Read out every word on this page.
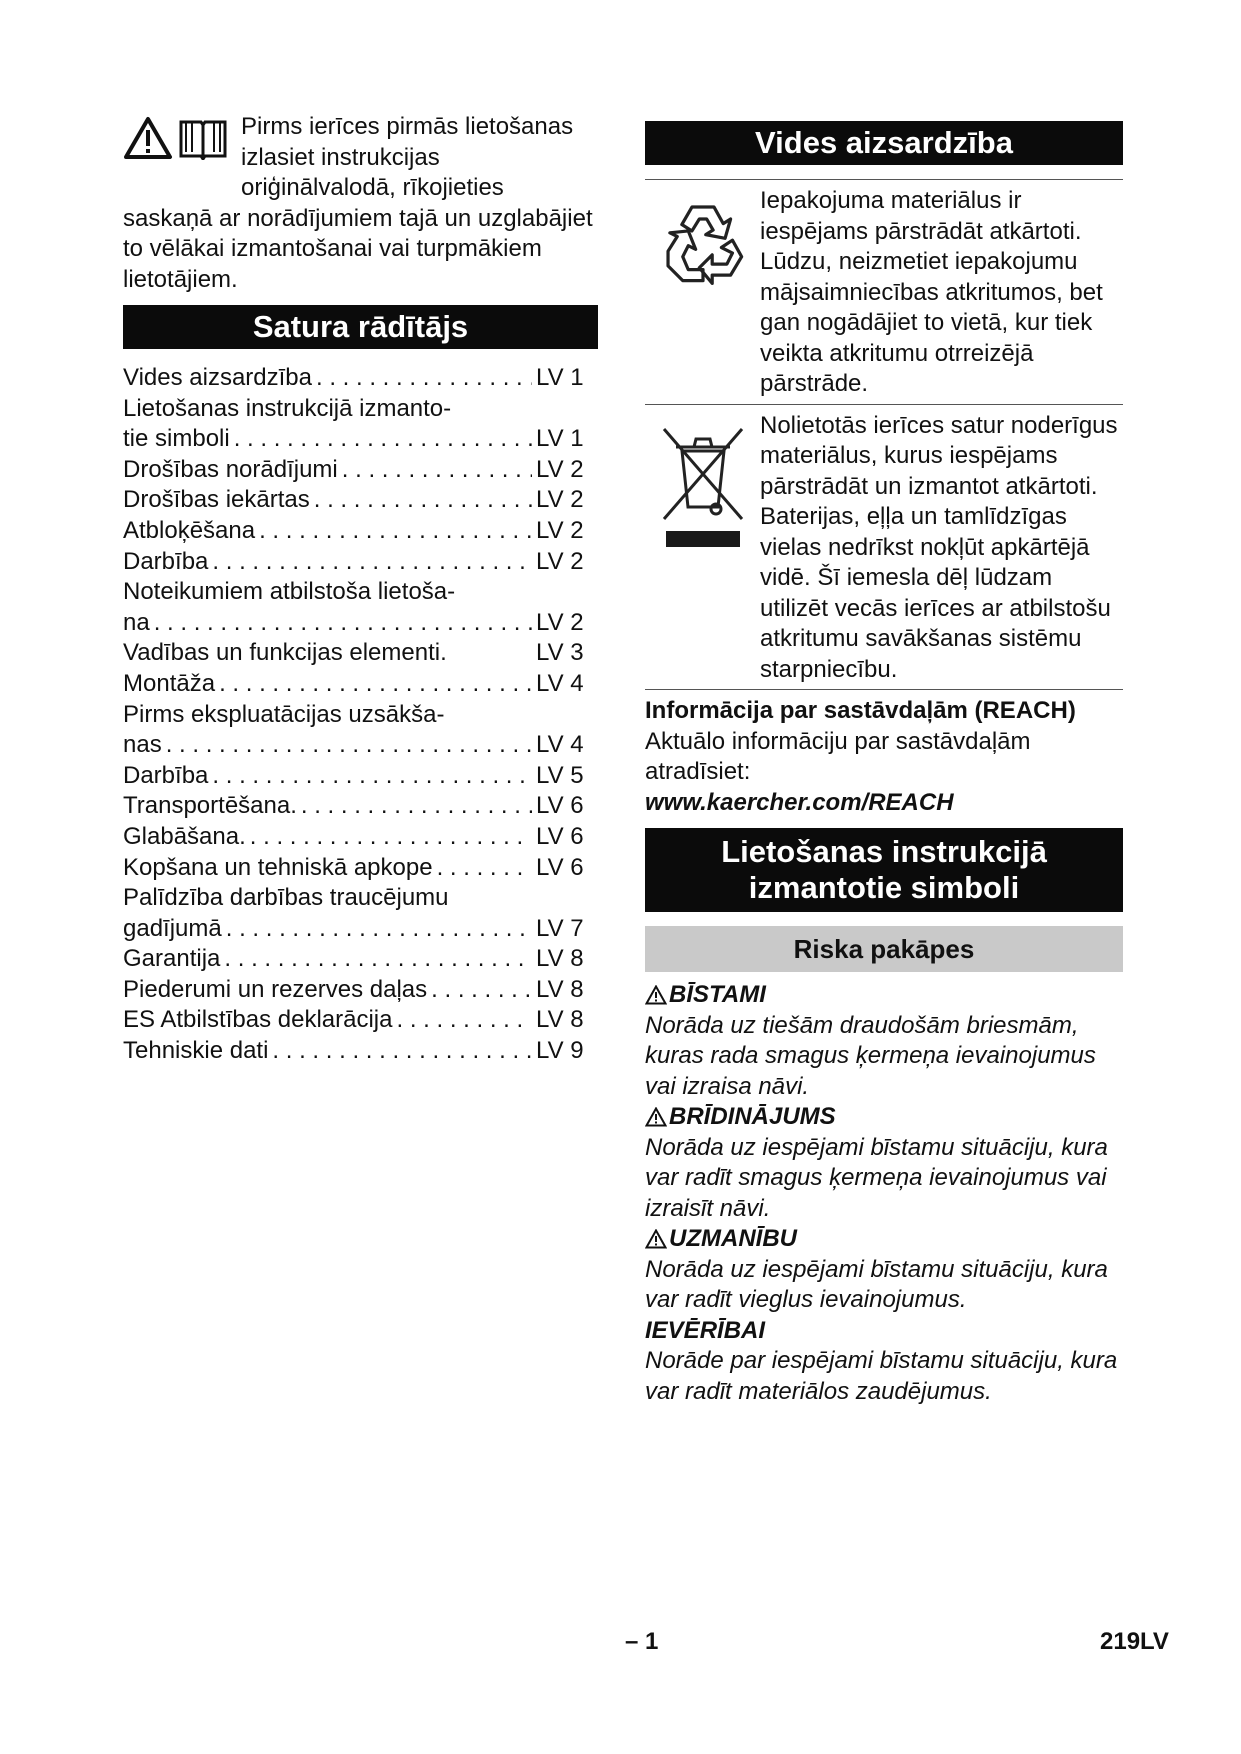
Pirms ierīces pirmās lietošanas izlasiet instrukcijas oriģinālvalodā, rīkojieties saskaņā ar norādījumiem tajā un uzglabājiet to vēlākai izmantošanai vai turpmākiem lietotājiem.

Satura rādītājs
Vides aizsardzība . . .	LV 1
Lietošanas instrukcijā izmanto-
tie simboli . . .	LV 1
Drošības norādījumi . . .	LV 2
Drošības iekārtas . . .	LV 2
Atbloķēšana . . .	LV 2
Darbība . . .	LV 2
Noteikumiem atbilstoša lietoša-
na . . .	LV 2
Vadības un funkcijas elementi.	LV 3
Montāža . . .	LV 4
Pirms ekspluatācijas uzsākša-
nas . . .	LV 4
Darbība . . .	LV 5
Transportēšana. . . .	LV 6
Glabāšana. . . .	LV 6
Kopšana un tehniskā apkope . . .	LV 6
Palīdzība darbības traucējumu
gadījumā . . .	LV 7
Garantija . . .	LV 8
Piederumi un rezerves daļas . . .	LV 8
ES Atbilstības deklarācija . . .	LV 8
Tehniskie dati . . .	LV 9
Vides aizsardzība

Iepakojuma materiālus ir iespējams pārstrādāt atkārtoti. Lūdzu, neizmetiet iepakojumu mājsaimniecības atkritumos, bet gan nogādājiet to vietā, kur tiek veikta atkritumu otrreizējā pārstrāde.

Nolietotās ierīces satur noderīgus materiālus, kurus iespējams pārstrādāt un izmantot atkārtoti. Baterijas, eļļa un tamlīdzīgas vielas nedrīkst nokļūt apkārtējā vidē. Šī iemesla dēļ lūdzam utilizēt vecās ierīces ar atbilstošu atkritumu savākšanas sistēmu starpniecību.

Informācija par sastāvdaļām (REACH)
Aktuālo informāciju par sastāvdaļām atradīsiet:
www.kaercher.com/REACH
Lietošanas instrukcijā
izmantotie simboli
Riska pakāpes
BĪSTAMI

Norāda uz tiešām draudošām briesmām, kuras rada smagus ķermeņa ievainojumus vai izraisa nāvi.

BRĪDINĀJUMS

Norāda uz iespējami bīstamu situāciju, kura var radīt smagus ķermeņa ievainojumus vai izraisīt nāvi.

UZMANĪBU

Norāda uz iespējami bīstamu situāciju, kura var radīt vieglus ievainojumus.

IEVĒRĪBAI

Norāde par iespējami bīstamu situāciju, kura var radīt materiālos zaudējumus.

– 1	219LV
